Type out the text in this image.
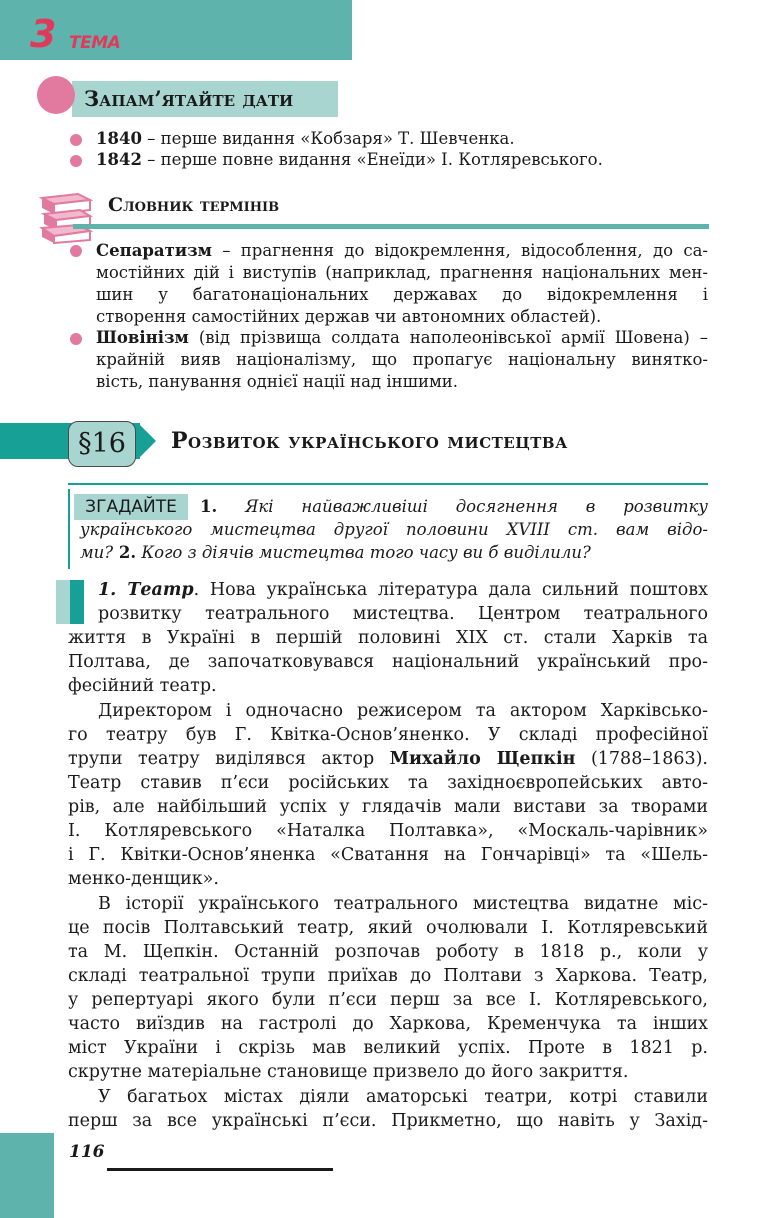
3 ТЕМА
Запам’ятайте дати
1840 – перше видання «Кобзаря» Т. Шевченка.
1842 – перше повне видання «Енеїди» І. Котляревського.
Словник термінів
Сепаратизм – прагнення до відокремлення, відособлення, до са-
мостійних дій і виступів (наприклад, прагнення національних мен-
шин у багатонаціональних державах до відокремлення і
створення самостійних держав чи автономних областей).
Шовінізм (від прізвища солдата наполеонівської армії Шовена) –
крайній вияв націоналізму, що пропагує національну винятко-
вість, панування однієї нації над іншими.
§16	Розвиток українського мистецтва
ЗГАДАЙТЕ	1. Які найважливіші досягнення в розвитку
українського мистецтва другої половини XVIII ст. вам відо-
ми? 2. Кого з діячів мистецтва того часу ви б виділили?
1. Театр. Нова українська література дала сильний поштовх
розвитку театрального мистецтва. Центром театрального
життя в Україні в першій половині XIX ст. стали Харків та
Полтава, де започатковувався національний український про-
фесійний театр.
Директором і одночасно режисером та актором Харківсько-
го театру був Г. Квітка-Основ’яненко. У складі професійної
трупи театру виділявся актор Михайло Щепкін (1788–1863).
Театр ставив п’єси російських та західноєвропейських авто-
рів, але найбільший успіх у глядачів мали вистави за творами
І. Котляревського «Наталка Полтавка», «Москаль-чарівник»
і Г. Квітки-Основ’яненка «Сватання на Гончарівці» та «Шель-
менко-денщик».
В історії українського театрального мистецтва видатне міс-
це посів Полтавський театр, який очолювали І. Котляревський
та М. Щепкін. Останній розпочав роботу в 1818 р., коли у
складі театральної трупи приїхав до Полтави з Харкова. Театр,
у репертуарі якого були п’єси перш за все І. Котляревського,
часто виїздив на гастролі до Харкова, Кременчука та інших
міст України і скрізь мав великий успіх. Проте в 1821 р.
скрутне матеріальне становище призвело до його закриття.
У багатьох містах діяли аматорські театри, котрі ставили
перш за все українські п’єси. Прикметно, що навіть у Захід-
116
